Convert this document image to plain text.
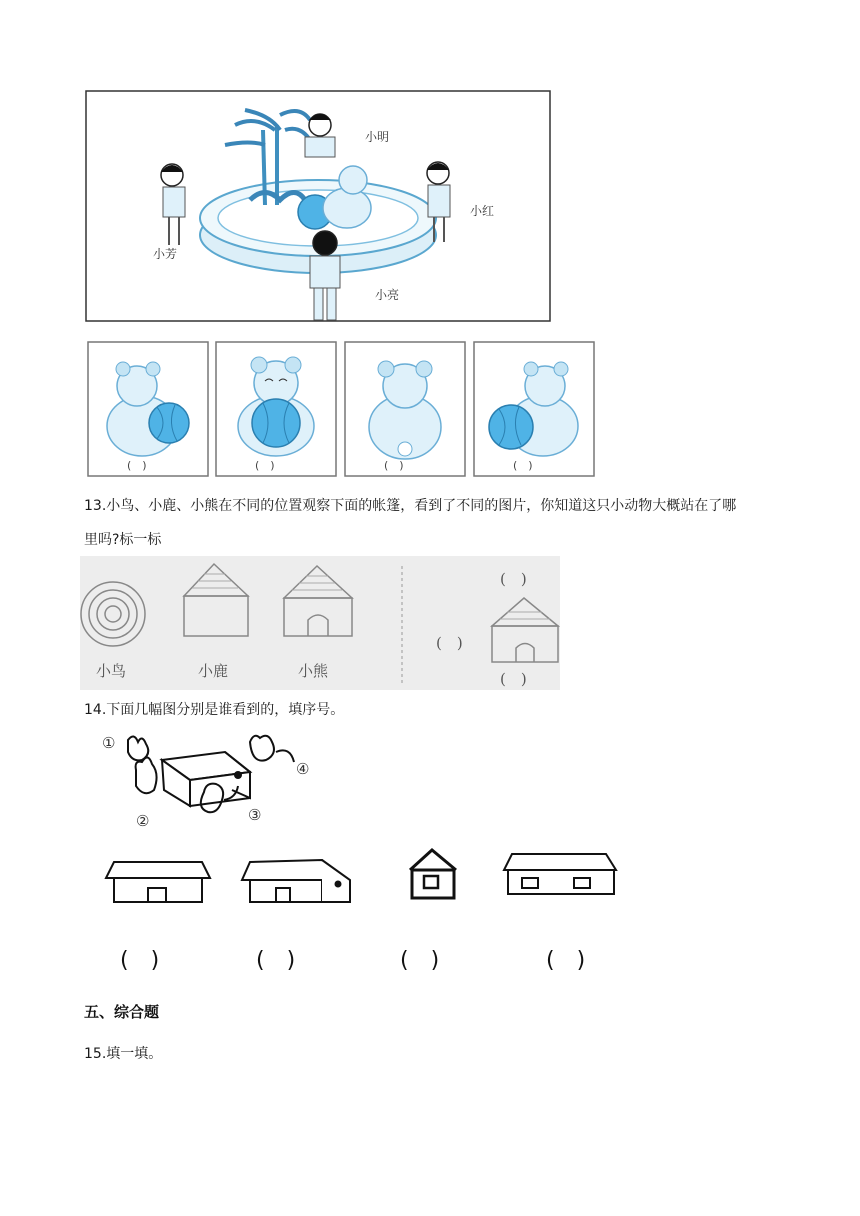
小明
小红
小芳
小亮
(　)	(　)	(　)	(　)
13.小鸟、小鹿、小熊在不同的位置观察下面的帐篷，看到了不同的图片，你知道这只小动物大概站在了哪
里吗?标一标
小鸟	小鹿	小熊
(　)
(　)
(　)
14.下面几幅图分别是谁看到的，填序号。
①
②	③
④
(　)	(　)	(　)	(　)
五、综合题
15.填一填。
